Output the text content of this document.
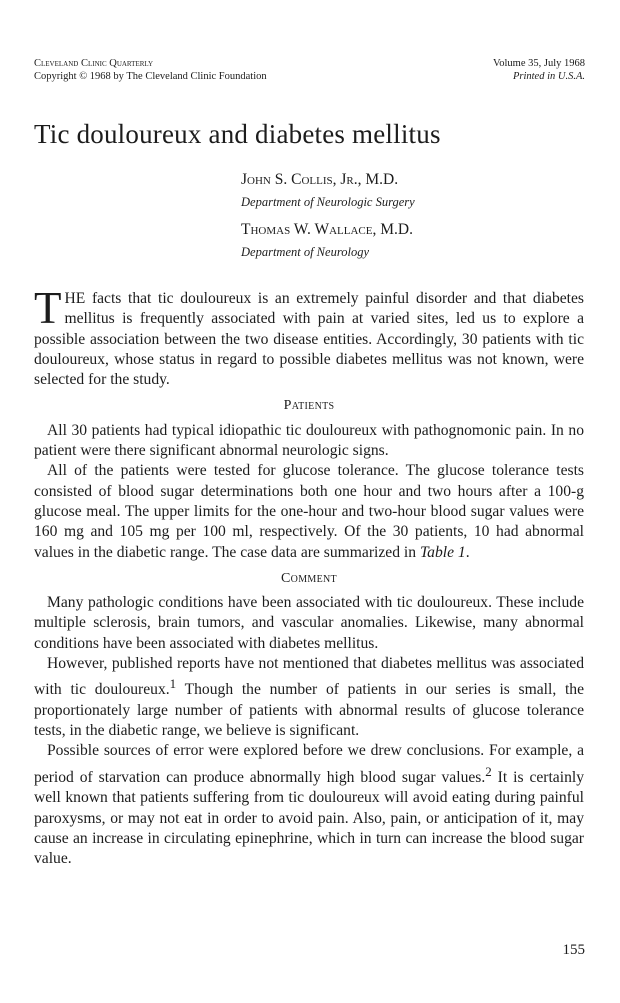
Cleveland Clinic Quarterly
Copyright © 1968 by The Cleveland Clinic Foundation
Volume 35, July 1968
Printed in U.S.A.
Tic douloureux and diabetes mellitus
John S. Collis, Jr., M.D.
Department of Neurologic Surgery
Thomas W. Wallace, M.D.
Department of Neurology

THE facts that tic douloureux is an extremely painful disorder and that diabetes mellitus is frequently associated with pain at varied sites, led us to explore a possible association between the two disease entities. Accordingly, 30 patients with tic douloureux, whose status in regard to possible diabetes mellitus was not known, were selected for the study.

Patients

All 30 patients had typical idiopathic tic douloureux with pathognomonic pain. In no patient were there significant abnormal neurologic signs.

All of the patients were tested for glucose tolerance. The glucose tolerance tests consisted of blood sugar determinations both one hour and two hours after a 100-g glucose meal. The upper limits for the one-hour and two-hour blood sugar values were 160 mg and 105 mg per 100 ml, respectively. Of the 30 patients, 10 had abnormal values in the diabetic range. The case data are summarized in Table 1.

Comment

Many pathologic conditions have been associated with tic douloureux. These include multiple sclerosis, brain tumors, and vascular anomalies. Likewise, many abnormal conditions have been associated with diabetes mellitus.

However, published reports have not mentioned that diabetes mellitus was associated with tic douloureux.$^1$ Though the number of patients in our series is small, the proportionately large number of patients with abnormal results of glucose tolerance tests, in the diabetic range, we believe is significant.

Possible sources of error were explored before we drew conclusions. For example, a period of starvation can produce abnormally high blood sugar values.$^2$ It is certainly well known that patients suffering from tic douloureux will avoid eating during painful paroxysms, or may not eat in order to avoid pain. Also, pain, or anticipation of it, may cause an increase in circulating epinephrine, which in turn can increase the blood sugar value.

155
